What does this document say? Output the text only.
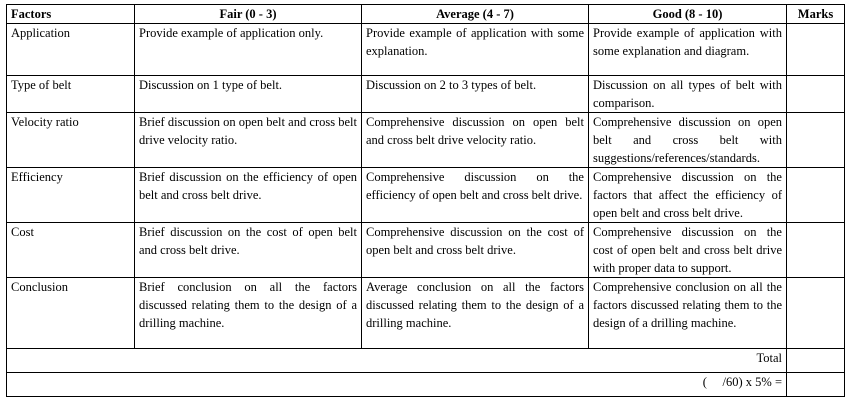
Factors	Fair (0 - 3)	Average (4 - 7)	Good (8 - 10)	Marks
Application	Provide example of application only.	Provide example of application with some explanation.	Provide example of application with some explanation and diagram.	
Type of belt	Discussion on 1 type of belt.	Discussion on 2 to 3 types of belt.	Discussion on all types of belt with comparison.	
Velocity ratio	Brief discussion on open belt and cross belt drive velocity ratio.	Comprehensive discussion on open belt and cross belt drive velocity ratio.	Comprehensive discussion on open belt and cross belt with suggestions/references/standards.	
Efficiency	Brief discussion on the efficiency of open belt and cross belt drive.	Comprehensive discussion on the efficiency of open belt and cross belt drive.	Comprehensive discussion on the factors that affect the efficiency of open belt and cross belt drive.	
Cost	Brief discussion on the cost of open belt and cross belt drive.	Comprehensive discussion on the cost of open belt and cross belt drive.	Comprehensive discussion on the cost of open belt and cross belt drive with proper data to support.	
Conclusion	Brief conclusion on all the factors discussed relating them to the design of a drilling machine.	Average conclusion on all the factors discussed relating them to the design of a drilling machine.	Comprehensive conclusion on all the factors discussed relating them to the design of a drilling machine.	
Total				
(     /60) x 5% =				
